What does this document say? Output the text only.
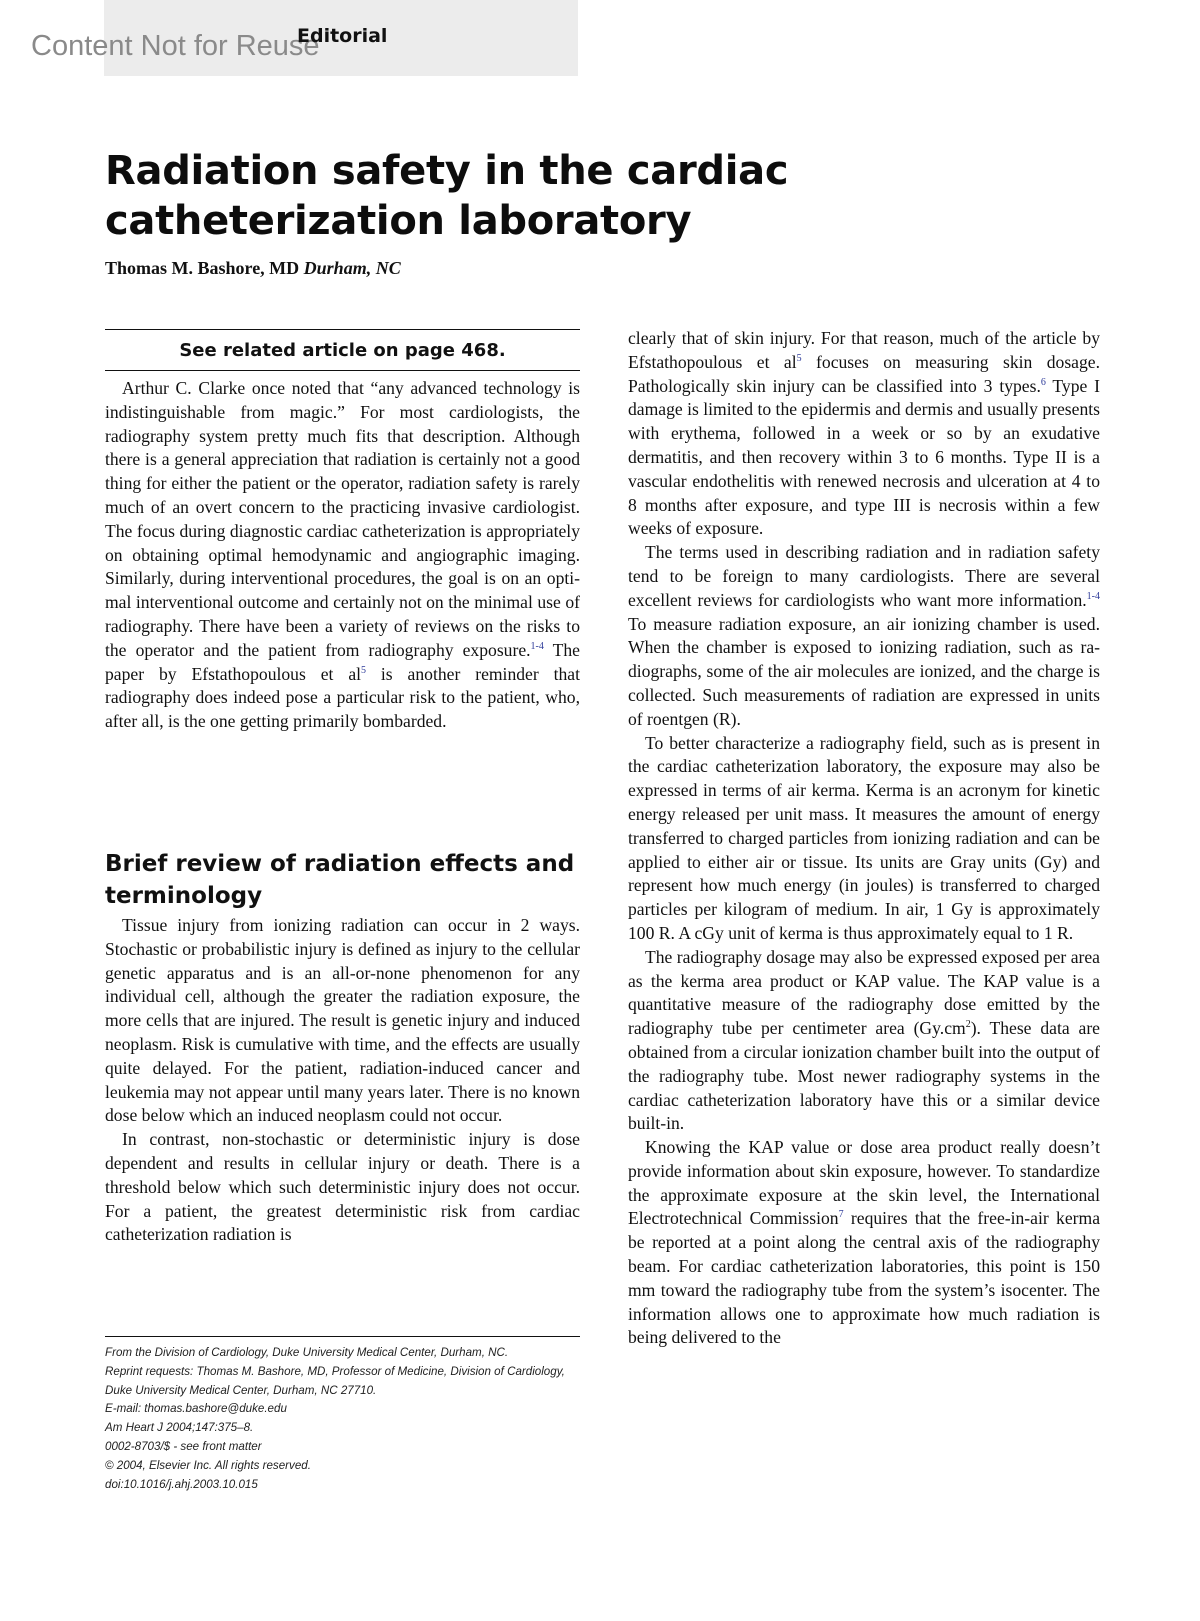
Content Not for Reuse

Editorial

Radiation safety in the cardiac catheterization laboratory

Thomas M. Bashore, MD Durham, NC

See related article on page 468.

Arthur C. Clarke once noted that “any advanced technology is indistinguishable from magic.” For most cardiologists, the radiography system pretty much fits that description. Although there is a general appreciation that radiation is certainly not a good thing for either the patient or the operator, radiation safety is rarely much of an overt concern to the practicing invasive cardiologist. The focus during diagnostic cardiac catheterization is appropriately on obtaining optimal hemodynamic and angiographic imaging. Similarly, during interventional procedures, the goal is on an optimal interventional outcome and certainly not on the minimal use of radiography. There have been a variety of reviews on the risks to the operator and the patient from radiography exposure.$^{1-4}$ The paper by Efstathopoulous et $al^5$ is another reminder that radiography does indeed pose a particular risk to the patient, who, after all, is the one getting primarily bombarded.

Brief review of radiation effects and terminology

Tissue injury from ionizing radiation can occur in 2 ways. Stochastic or probabilistic injury is defined as injury to the cellular genetic apparatus and is an all-or-none phenomenon for any individual cell, although the greater the radiation exposure, the more cells that are injured. The result is genetic injury and induced neoplasm. Risk is cumulative with time, and the effects are usually quite delayed. For the patient, radiation-induced cancer and leukemia may not appear until many years later. There is no known dose below which an induced neoplasm could not occur.

In contrast, non-stochastic or deterministic injury is dose dependent and results in cellular injury or death. There is a threshold below which such deterministic injury does not occur. For a patient, the greatest deterministic risk from cardiac catheterization radiation is

From the Division of Cardiology, Duke University Medical Center, Durham, NC.
Reprint requests: Thomas M. Bashore, MD, Professor of Medicine, Division of Cardiology, Duke University Medical Center, Durham, NC 27710.
E-mail: thomas.bashore@duke.edu
Am Heart J 2004;147:375–8.
0002-8703/$ - see front matter
© 2004, Elsevier Inc. All rights reserved.
doi:10.1016/j.ahj.2003.10.015

clearly that of skin injury. For that reason, much of the article by Efstathopoulous et $al^5$ focuses on measuring skin dosage. Pathologically skin injury can be classified into 3 types.$^6$ Type I damage is limited to the epidermis and dermis and usually presents with erythema, followed in a week or so by an exudative dermatitis, and then recovery within 3 to 6 months. Type II is a vascular endothelitis with renewed necrosis and ulceration at 4 to 8 months after exposure, and type III is necrosis within a few weeks of exposure.

The terms used in describing radiation and in radiation safety tend to be foreign to many cardiologists. There are several excellent reviews for cardiologists who want more information.$^{1-4}$ To measure radiation exposure, an air ionizing chamber is used. When the chamber is exposed to ionizing radiation, such as radiographs, some of the air molecules are ionized, and the charge is collected. Such measurements of radiation are expressed in units of roentgen (R).

To better characterize a radiography field, such as is present in the cardiac catheterization laboratory, the exposure may also be expressed in terms of air kerma. Kerma is an acronym for kinetic energy released per unit mass. It measures the amount of energy transferred to charged particles from ionizing radiation and can be applied to either air or tissue. Its units are Gray units (Gy) and represent how much energy (in joules) is transferred to charged particles per kilogram of medium. In air, 1 Gy is approximately 100 R. A cGy unit of kerma is thus approximately equal to 1 R.

The radiography dosage may also be expressed exposed per area as the kerma area product or KAP value. The KAP value is a quantitative measure of the radiography dose emitted by the radiography tube per centimeter area $(Gy.cm^2)$. These data are obtained from a circular ionization chamber built into the output of the radiography tube. Most newer radiography systems in the cardiac catheterization laboratory have this or a similar device built-in.

Knowing the KAP value or dose area product really doesn’t provide information about skin exposure, however. To standardize the approximate exposure at the skin level, the International Electrotechnical Commission$^7$ requires that the free-in-air kerma be reported at a point along the central axis of the radiography beam. For cardiac catheterization laboratories, this point is 150 mm toward the radiography tube from the system’s isocenter. The information allows one to approximate how much radiation is being delivered to the
